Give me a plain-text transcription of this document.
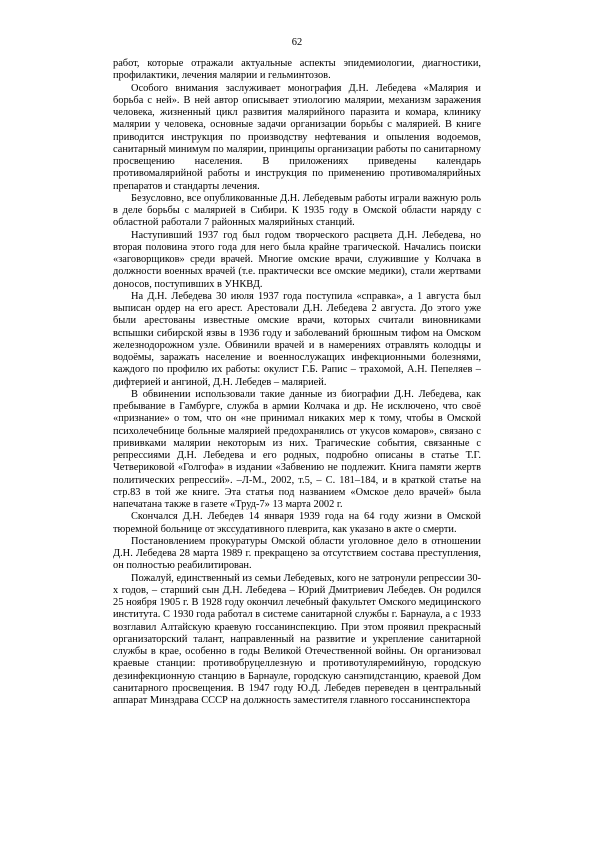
62

работ, которые отражали актуальные аспекты эпидемиологии, диагностики, профилактики, лечения малярии и гельминтозов.

Особого внимания заслуживает монография Д.Н. Лебедева «Малярия и борьба с ней». В ней автор описывает этиологию малярии, механизм заражения человека, жизненный цикл развития малярийного паразита и комара, клинику малярии у человека, основные задачи организации борьбы с малярией. В книге приводится инструкция по производству нефтевания и опыления водоемов, санитарный минимум по малярии, принципы организации работы по санитарному просвещению населения. В приложениях приведены календарь противомалярийной работы и инструкция по применению противомалярийных препаратов и стандарты лечения.

Безусловно, все опубликованные Д.Н. Лебедевым работы играли важную роль в деле борьбы с малярией в Сибири. К 1935 году в Омской области наряду с областной работали 7 районных малярийных станций.

Наступивший 1937 год был годом творческого расцвета Д.Н. Лебедева, но вторая половина этого года для него была крайне трагической. Начались поиски «заговорщиков» среди врачей. Многие омские врачи, служившие у Колчака в должности военных врачей (т.е. практически все омские медики), стали жертвами доносов, поступивших в УНКВД.

На Д.Н. Лебедева 30 июля 1937 года поступила «справка», а 1 августа был выписан ордер на его арест. Арестовали Д.Н. Лебедева 2 августа. До этого уже были арестованы известные омские врачи, которых считали виновниками вспышки сибирской язвы в 1936 году и заболеваний брюшным тифом на Омском железнодорожном узле. Обвинили врачей и в намерениях отравлять колодцы и водоёмы, заражать население и военнослужащих инфекционными болезнями, каждого по профилю их работы: окулист Г.Б. Рапис – трахомой, А.Н. Пепеляев – дифтерией и ангиной, Д.Н. Лебедев – малярией.

В обвинении использовали такие данные из биографии Д.Н. Лебедева, как пребывание в Гамбурге, служба в армии Колчака и др. Не исключено, что своё «признание» о том, что он «не принимал никаких мер к тому, чтобы в Омской психолечебнице больные малярией предохранялись от укусов комаров», связано с прививками малярии некоторым из них. Трагические события, связанные с репрессиями Д.Н. Лебедева и его родных, подробно описаны в статье Т.Г. Четвериковой «Голгофа» в издании «Забвению не подлежит. Книга памяти жертв политических репрессий». –Л-М., 2002, т.5, – С. 181–184, и в краткой статье на стр.83 в той же книге. Эта статья под названием «Омское дело врачей» была напечатана также в газете «Труд-7» 13 марта 2002 г.

Скончался Д.Н. Лебедев 14 января 1939 года на 64 году жизни в Омской тюремной больнице от экссудативного плеврита, как указано в акте о смерти.

Постановлением прокуратуры Омской области уголовное дело в отношении Д.Н. Лебедева 28 марта 1989 г. прекращено за отсутствием состава преступления, он полностью реабилитирован.

Пожалуй, единственный из семьи Лебедевых, кого не затронули репрессии 30-х годов, – старший сын Д.Н. Лебедева – Юрий Дмитриевич Лебедев. Он родился 25 ноября 1905 г. В 1928 году окончил лечебный факультет Омского медицинского института. С 1930 года работал в системе санитарной службы г. Барнаула, а с 1933 возглавил Алтайскую краевую госсанинспекцию. При этом проявил прекрасный организаторский талант, направленный на развитие и укрепление санитарной службы в крае, особенно в годы Великой Отечественной войны. Он организовал краевые станции: противобруцеллезную и противотуляремийную, городскую дезинфекционную станцию в Барнауле, городскую санэпидстанцию, краевой Дом санитарного просвещения. В 1947 году Ю.Д. Лебедев переведен в центральный аппарат Минздрава СССР на должность заместителя главного госсанинспектора
